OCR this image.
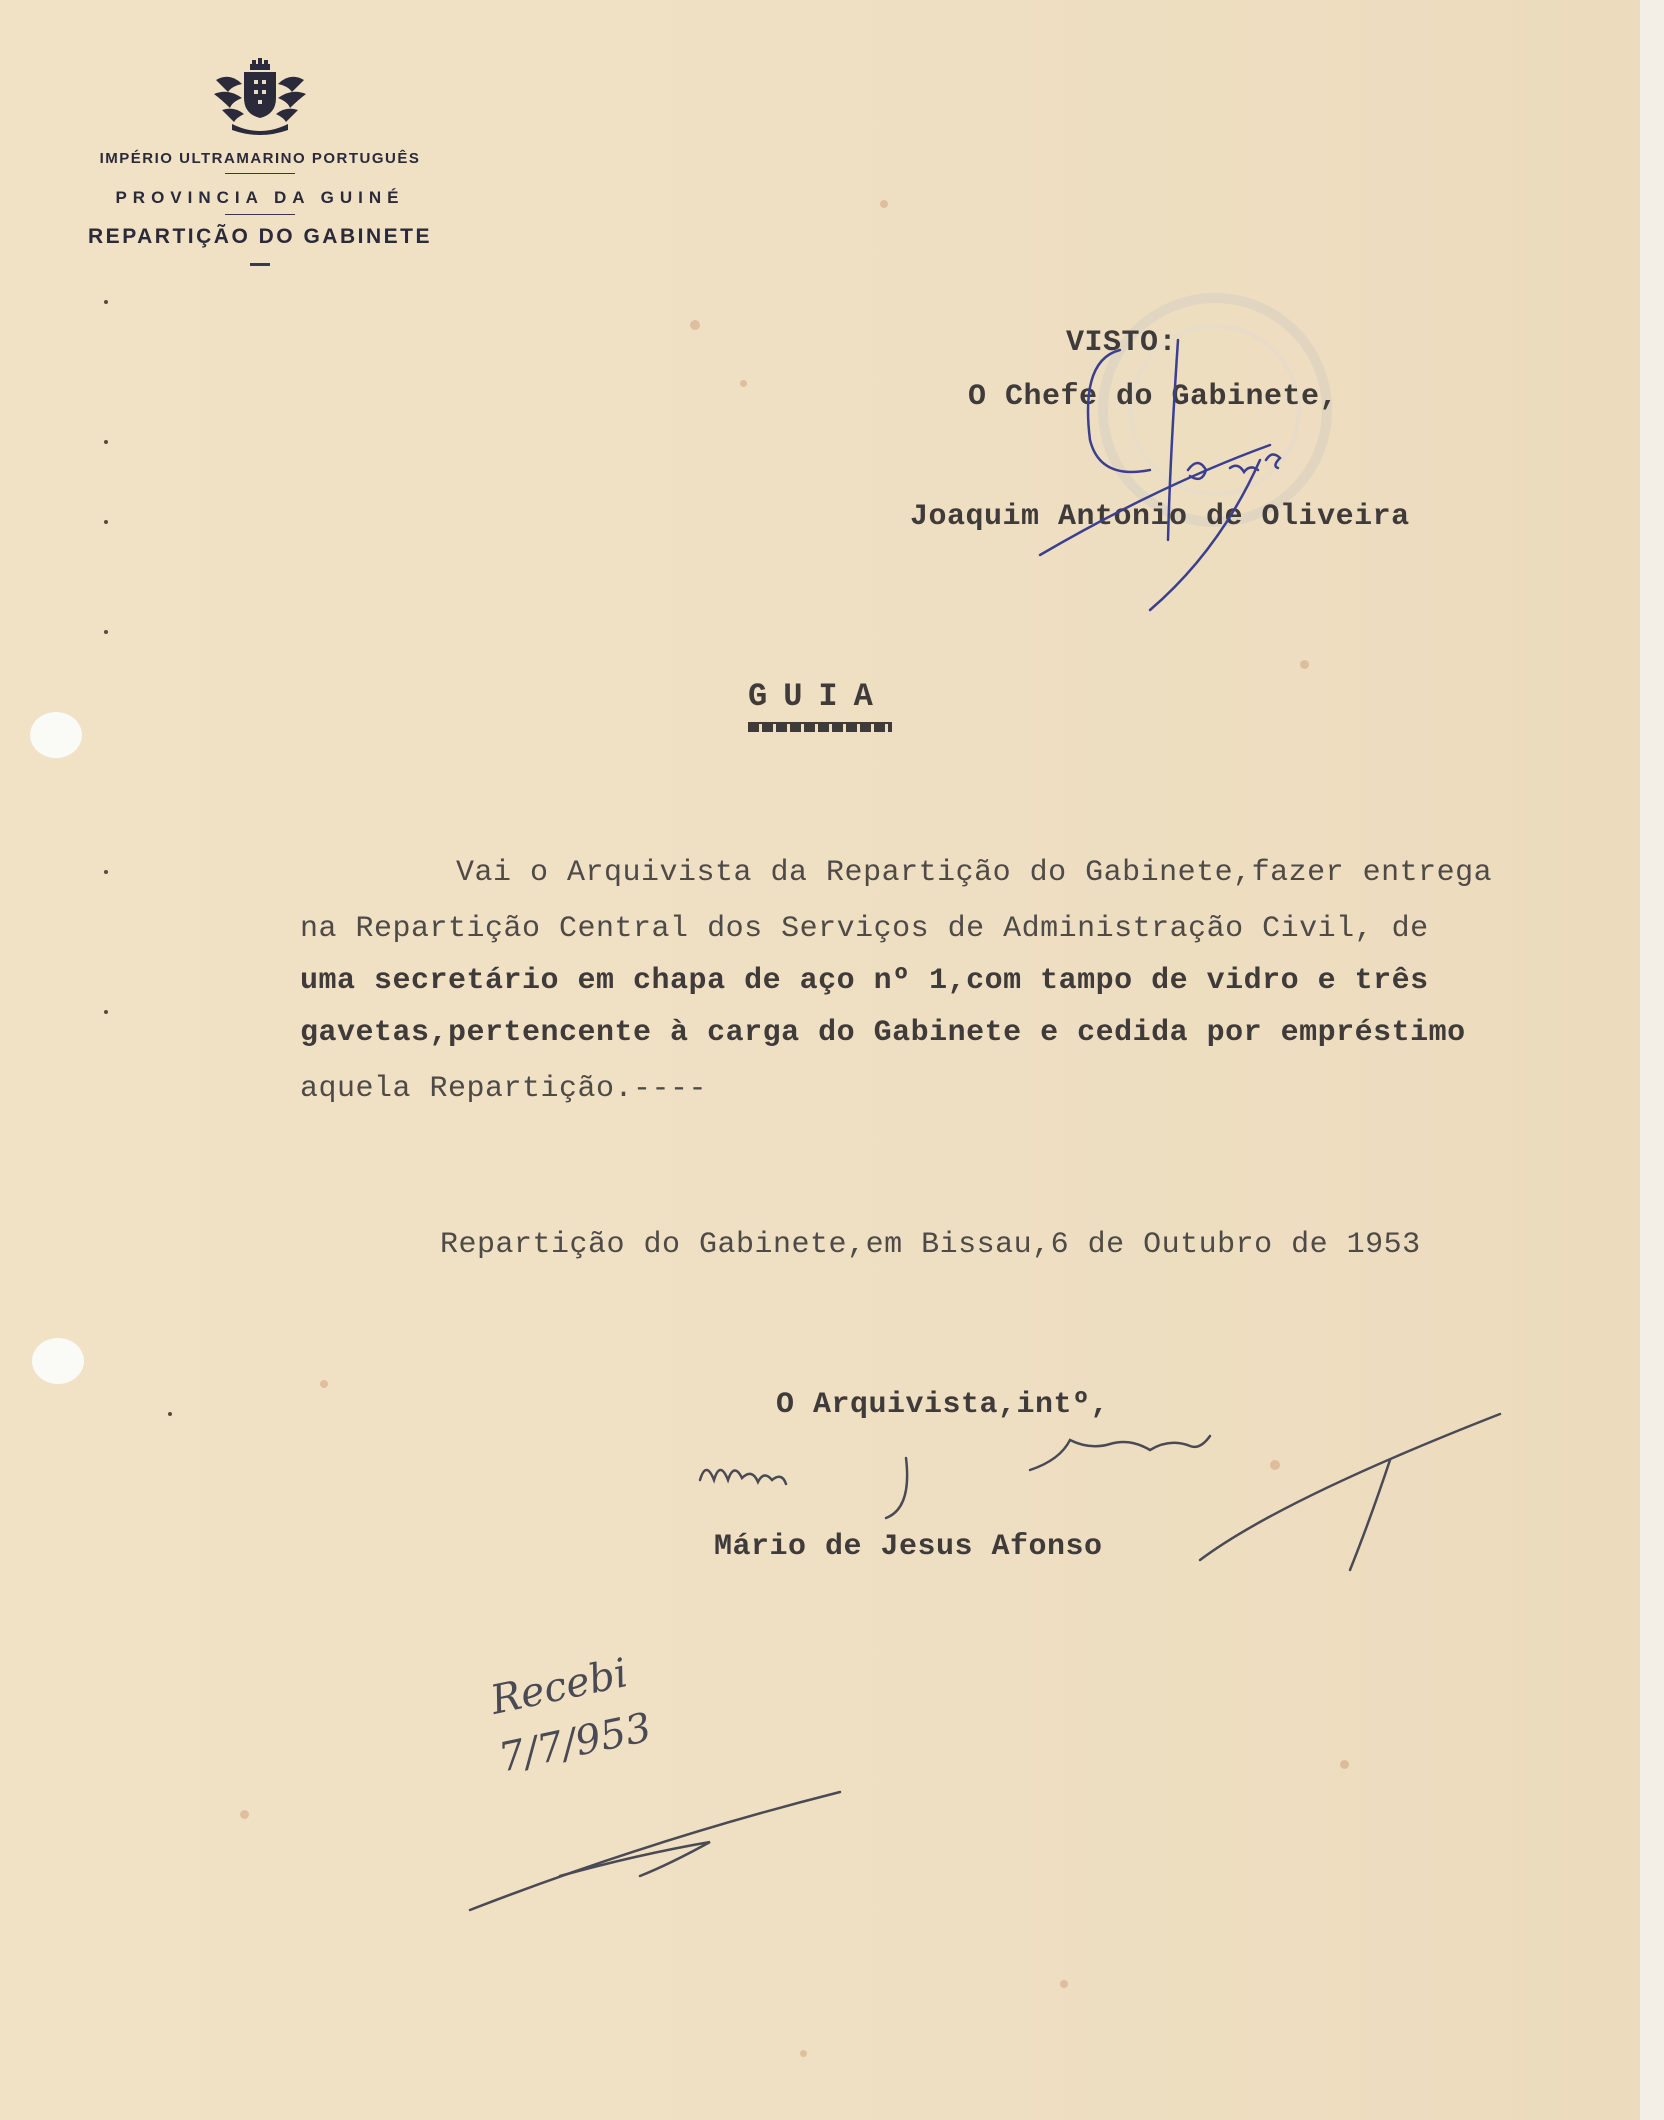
IMPÉRIO ULTRAMARINO PORTUGUÊS
PROVINCIA DA GUINÉ
REPARTIÇÃO DO GABINETE
VISTO:
O Chefe do Gabinete,
Joaquim Antonio de Oliveira
GUIA
Vai o Arquivista da Repartição do Gabinete,fazer entrega
na Repartição Central dos Serviços de Administração Civil, de
uma secretário em chapa de aço nº 1,com tampo de vidro e três
gavetas,pertencente à carga do Gabinete e cedida por empréstimo
aquela Repartição.----
Repartição do Gabinete,em Bissau,6 de Outubro de 1953
O Arquivista,intº,
Mário de Jesus Afonso
Recebi
7/7/953
